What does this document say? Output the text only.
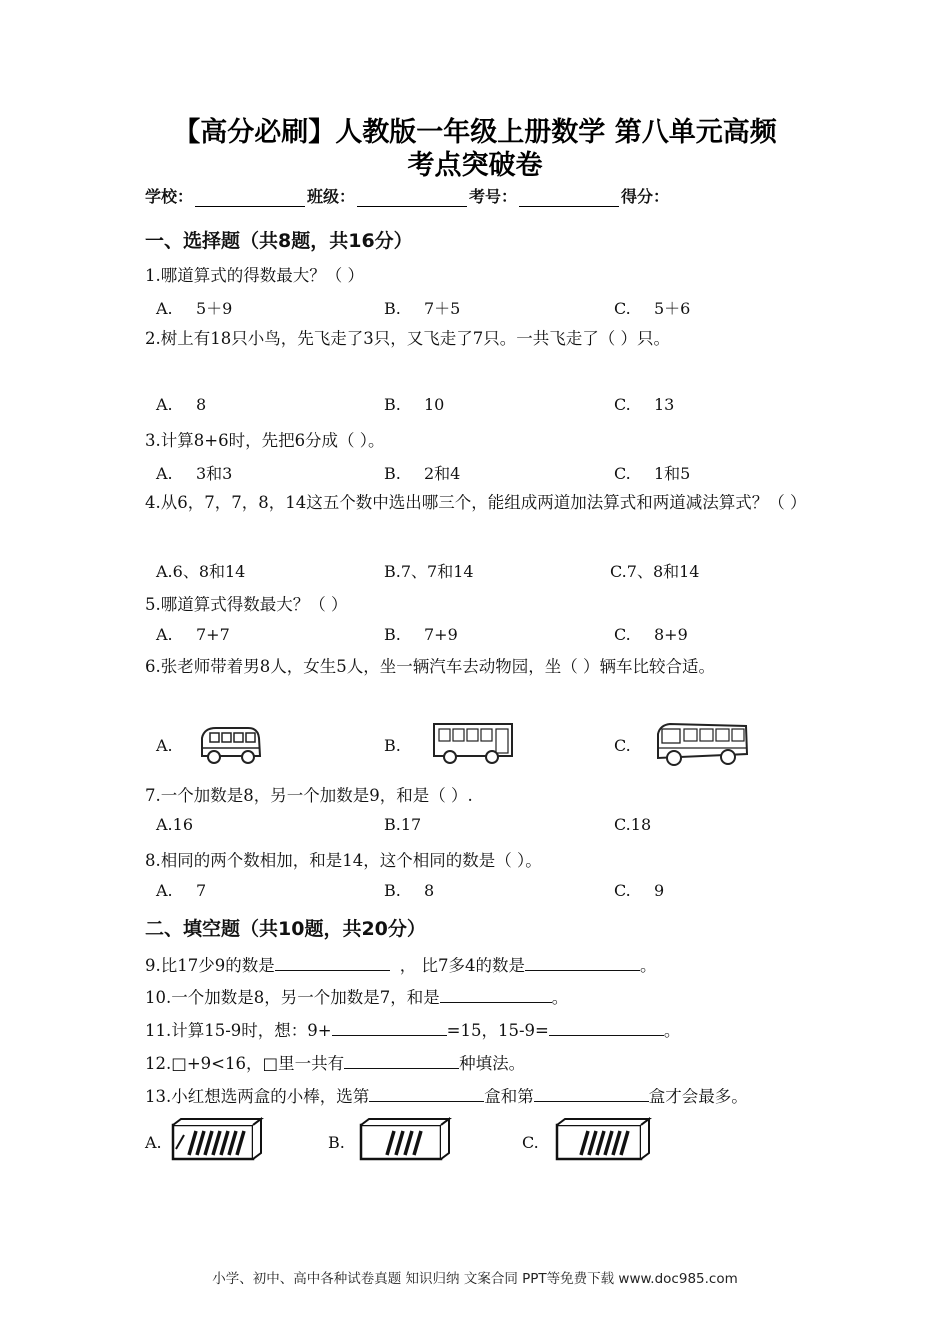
【高分必刷】人教版一年级上册数学 第八单元高频
考点突破卷
学校：	班级：	考号：	得分：
一、选择题（共8题，共16分）
1.哪道算式的得数最大？（ ）
A. 5＋9	B. 7＋5	C. 5＋6
2.树上有18只小鸟，先飞走了3只，又飞走了7只。一共飞走了（ ）只。
A. 8	B. 10	C. 13
3.计算8+6时，先把6分成（ ）。
A. 3和3	B. 2和4	C. 1和5
4.从6，7，7，8，14这五个数中选出哪三个，能组成两道加法算式和两道减法算式？（ ）
A.6、8和14	B.7、7和14	C.7、8和14
5.哪道算式得数最大？（ ）
A. 7+7	B. 7+9	C. 8+9
6.张老师带着男8人，女生5人，坐一辆汽车去动物园，坐（ ）辆车比较合适。
A.	B.	C.
7.一个加数是8，另一个加数是9，和是（ ）.
A.16	B.17	C.18
8.相同的两个数相加，和是14，这个相同的数是（ ）。
A. 7	B. 8	C. 9
二、填空题（共10题，共20分）
9.比17少9的数是	， 比7多4的数是	。
10.一个加数是8，另一个加数是7，和是	。
11.计算15-9时，想：9+	=15，15-9=	。
12.□+9<16，□里一共有	种填法。
13.小红想选两盒的小棒，选第	盒和第	盒才会最多。
A.	B.	C.
小学、初中、高中各种试卷真题 知识归纳 文案合同 PPT等免费下载 www.doc985.com
